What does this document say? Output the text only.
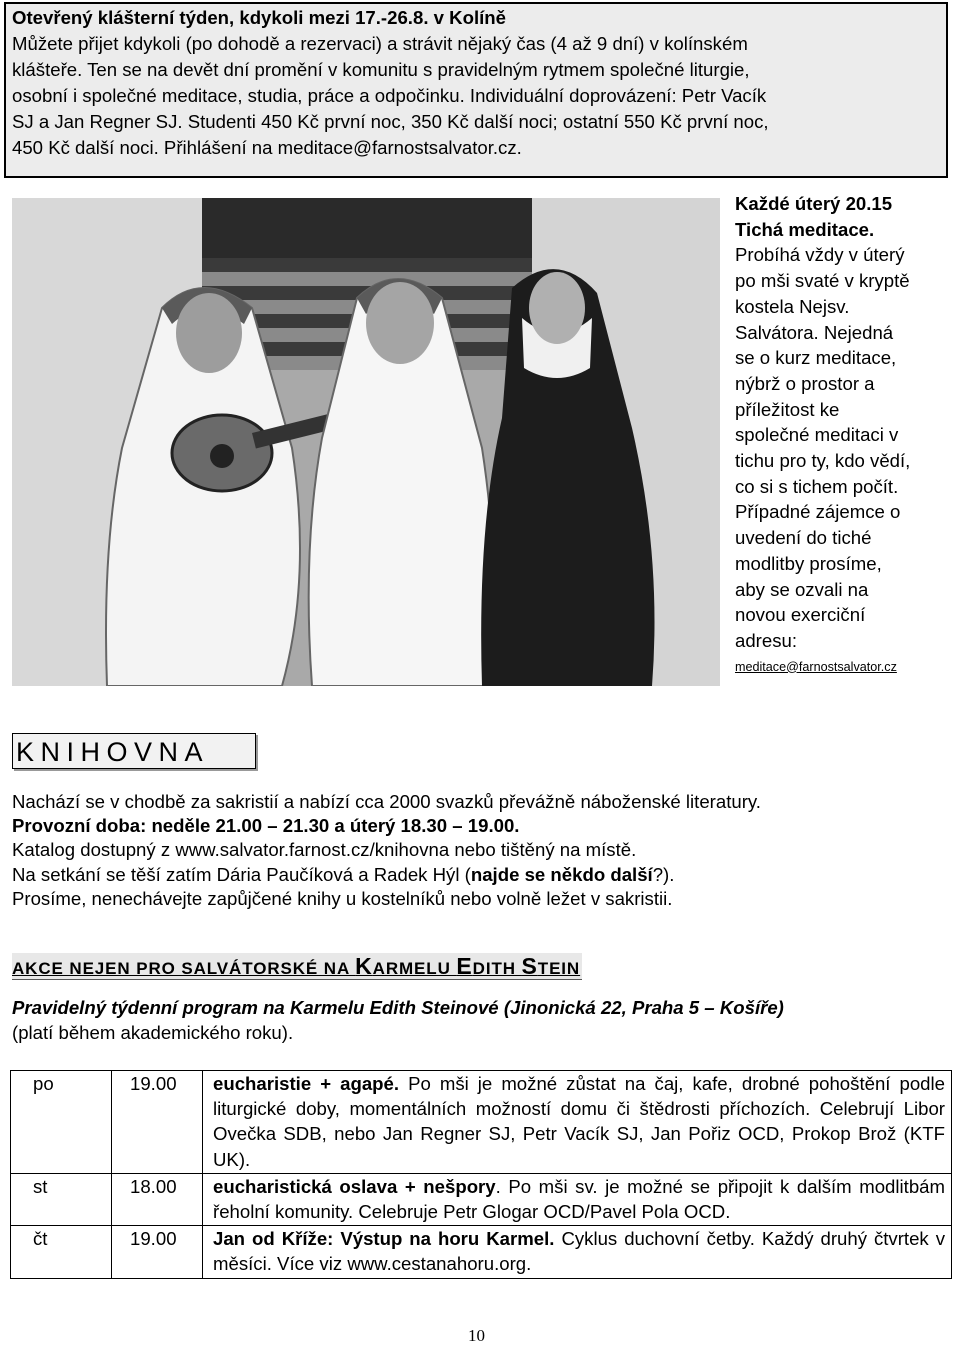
Otevřený klášterní týden, kdykoli mezi 17.-26.8. v Kolíně
Můžete přijet kdykoli (po dohodě a rezervaci) a strávit nějaký čas (4 až 9 dní) v kolínském
klášteře. Ten se na devět dní promění v komunitu s pravidelným rytmem společné liturgie,
osobní i společné meditace, studia, práce a odpočinku. Individuální doprovázení: Petr Vacík
SJ a Jan Regner SJ. Studenti 450 Kč první noc, 350 Kč další noci; ostatní 550 Kč první noc,
450 Kč další noci. Přihlášení na meditace@farnostsalvator.cz.
Každé úterý 20.15
Tichá meditace.
Probíhá vždy v úterý
po mši svaté v kryptě
kostela Nejsv.
Salvátora. Nejedná
se o kurz meditace,
nýbrž o prostor a
příležitost ke
společné meditaci v
tichu pro ty, kdo vědí,
co si s tichem počít.
Případné zájemce o
uvedení do tiché
modlitby prosíme,
aby se ozvali na
novou exerciční
adresu:
meditace@farnostsalvator.cz
KNIHOVNA
Nachází se v chodbě za sakristií a nabízí cca 2000 svazků převážně náboženské literatury.
Provozní doba: neděle 21.00 – 21.30 a úterý 18.30 – 19.00.
Katalog dostupný z www.salvator.farnost.cz/knihovna nebo tištěný na místě.
Na setkání se těší zatím Dária Paučíková a Radek Hýl (najde se někdo další?).
Prosíme, nenechávejte zapůjčené knihy u kostelníků nebo volně ležet v sakristii.
AKCE NEJEN PRO SALVÁTORSKÉ NA KARMELU EDITH STEIN
Pravidelný týdenní program na Karmelu Edith Steinové (Jinonická 22, Praha 5 – Košíře)
(platí během akademického roku).
po	19.00	eucharistie + agapé. Po mši je možné zůstat na čaj, kafe, drobné pohoštění podle liturgické doby, momentálních možností domu či štědrosti příchozích. Celebrují Libor Ovečka SDB, nebo Jan Regner SJ, Petr Vacík SJ, Jan Pořiz OCD, Prokop Brož (KTF UK).
st	18.00	eucharistická oslava + nešpory. Po mši sv. je možné se připojit k dalším modlitbám řeholní komunity. Celebruje Petr Glogar OCD/Pavel Pola OCD.
čt	19.00	Jan od Kříže: Výstup na horu Karmel. Cyklus duchovní četby. Každý druhý čtvrtek v měsíci. Více viz www.cestanahoru.org.
10
